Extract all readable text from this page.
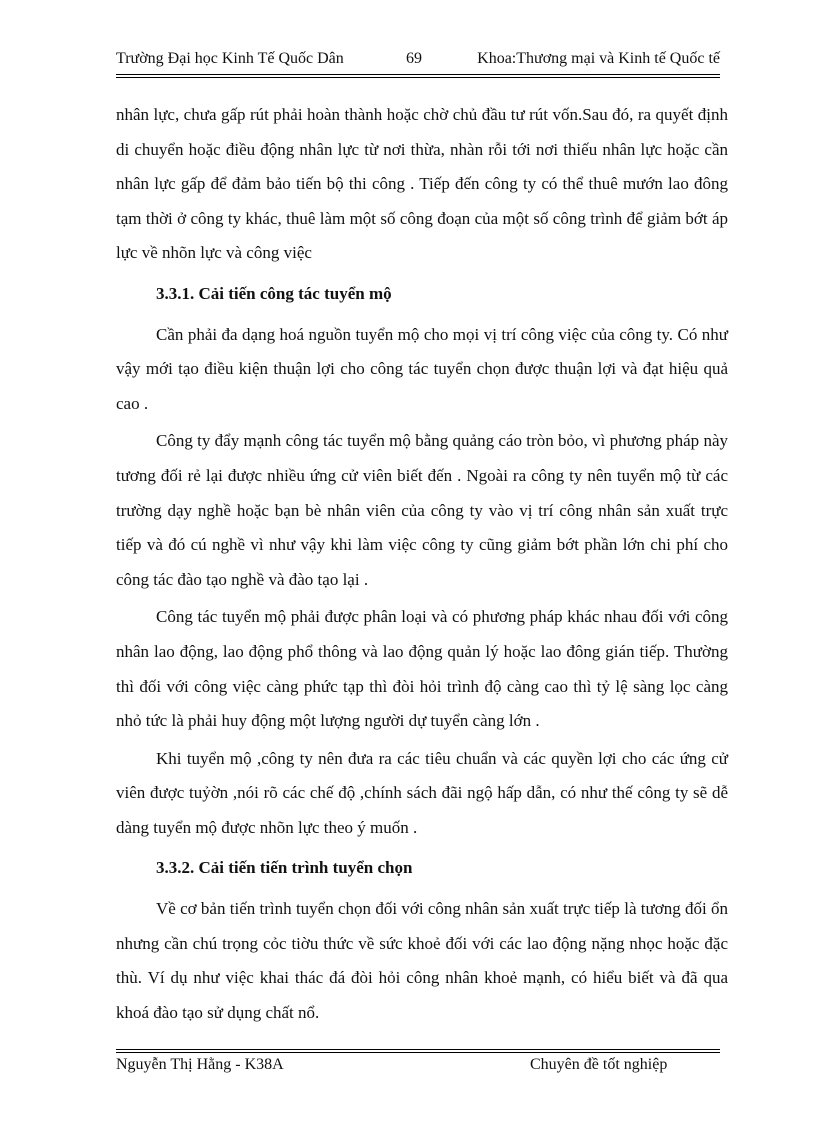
Trường Đại học Kinh Tế Quốc Dân	69	Khoa:Thương mại và Kinh tế Quốc tế

nhân lực, chưa gấp rút phải hoàn thành hoặc chờ chủ đầu tư rút vốn.Sau đó, ra quyết định di chuyển hoặc điều động nhân lực từ nơi thừa, nhàn rỗi tới nơi thiếu nhân lực hoặc cần nhân lực gấp để đảm bảo tiến bộ thi công . Tiếp đến công ty có thể thuê mướn lao đông tạm thời ở công ty khác, thuê làm một số công đoạn của một số công trình để giảm bớt áp lực về nhõn lực và công việc

3.3.1. Cải tiến công tác tuyển mộ

Cần phải đa dạng hoá nguồn tuyển mộ cho mọi vị trí công việc của công ty. Có như vậy mới tạo điều kiện thuận lợi cho công tác tuyển chọn được thuận lợi và đạt hiệu quả cao .

Công ty đẩy mạnh công tác tuyển mộ bằng quảng cáo tròn bỏo, vì phương pháp này tương đối rẻ lại được nhiều ứng cử viên biết đến . Ngoài ra công ty nên tuyển mộ từ các trường dạy nghề hoặc bạn bè nhân viên của công ty vào vị trí công nhân sản xuất trực tiếp và đó cú nghề vì như vậy khi làm việc công ty cũng giảm bớt phần lớn chi phí cho công tác đào tạo nghề và đào tạo lại .

Công tác tuyển mộ phải được phân loại và có phương pháp khác nhau đối với công nhân lao động, lao động phổ thông và lao động quản lý hoặc lao đông gián tiếp. Thường thì đối với công việc càng phức tạp thì đòi hỏi trình độ càng cao thì tỷ lệ sàng lọc càng nhỏ tức là phải huy động một lượng người dự tuyển càng lớn .

Khi tuyển mộ ,công ty nên đưa ra các tiêu chuẩn và các quyền lợi cho các ứng cử viên được tuỷờn ,nói rõ các chế độ ,chính sách đãi ngộ hấp dẫn, có như thế công ty sẽ dễ dàng tuyển mộ được nhõn lực theo ý muốn .

3.3.2. Cải tiến tiến trình tuyển chọn

Về cơ bản tiến trình tuyển chọn đối với công nhân sản xuất trực tiếp là tương đối ổn nhưng cần chú trọng cỏc tiờu thức về sức khoẻ đối với các lao động nặng nhọc hoặc đặc thù. Ví dụ như việc khai thác đá đòi hỏi công nhân khoẻ mạnh, có hiểu biết và đã qua khoá đào tạo sử dụng chất nổ.

Nguyễn Thị Hằng - K38A	Chuyên đề tốt nghiệp
